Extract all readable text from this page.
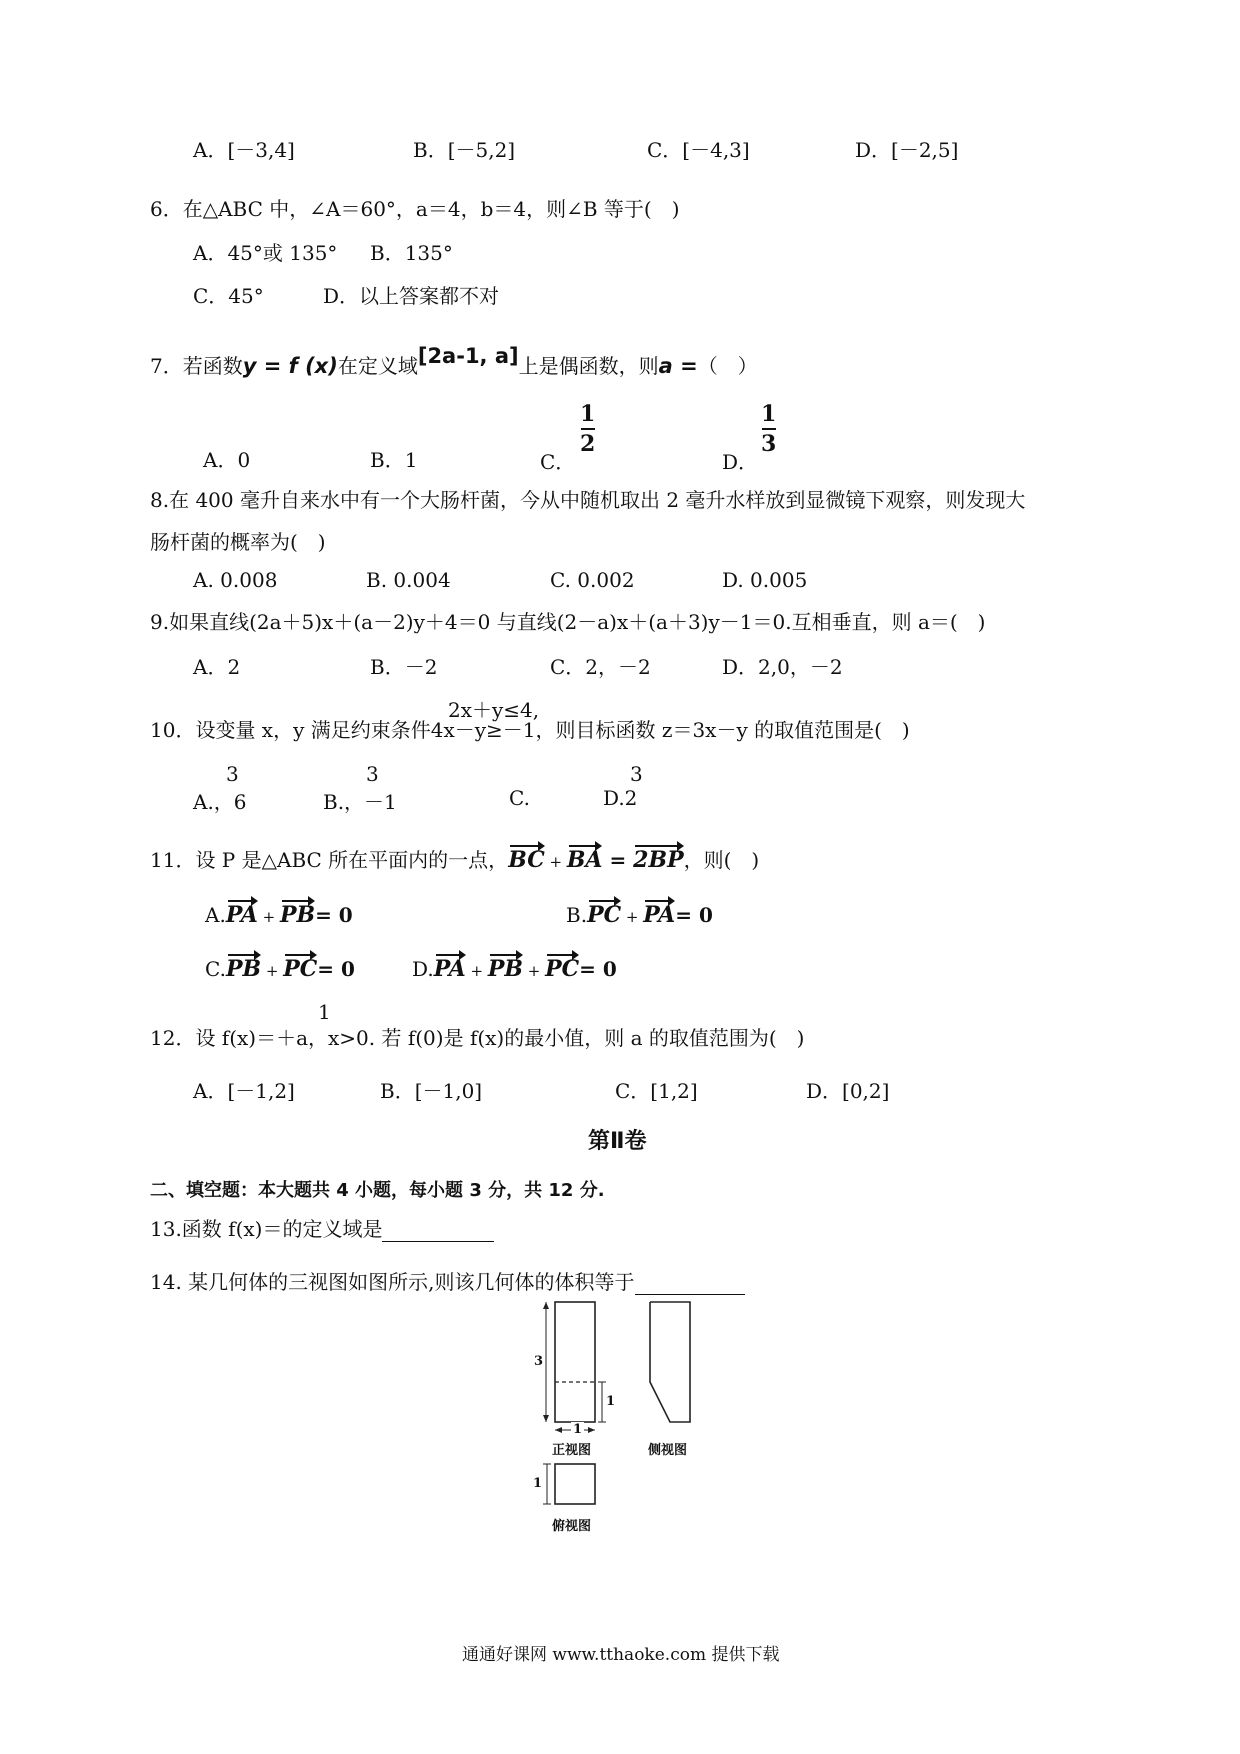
A．[－3,4]	B．[－5,2]	C．[－4,3]	D．[－2,5]
6．在△ABC 中，∠A＝60°，a＝4，b＝4，则∠B 等于(　)
A．45°或 135° B．135°
C．45°	D．以上答案都不对
7．若函数y = f (x)在定义域[2a-1, a]上是偶函数，则a =（　）
A．0	B．1	C．
$\frac{1}{2}$
D．
$\frac{1}{3}$
8.在 400 毫升自来水中有一个大肠杆菌，今从中随机取出 2 毫升水样放到显微镜下观察，则发现大
肠杆菌的概率为(　)
A. 0.008	B. 0.004	C. 0.002	D. 0.005
9.如果直线(2a＋5)x＋(a－2)y＋4＝0 与直线(2－a)x＋(a＋3)y－1＝0.互相垂直，则 a＝(　)
A．2	B．－2	C．2，－2	D．2,0，－2
2x＋y≤4,
10．设变量 x，y 满足约束条件4x－y≥－1，则目标函数 z＝3x－y 的取值范围是(　)
3
A.，6
3
B.，－1	C.
3
D.2
11．设 P 是△ABC 所在平面内的一点，BC + BA = 2BP，则(　)
A.PA + PB= 0	B.PC + PA= 0
C.PB + PC= 0	D.PA + PB + PC= 0
1
12．设 f(x)＝＋a，x>0. 若 f(0)是 f(x)的最小值，则 a 的取值范围为(　)
A．[－1,2]	B．[－1,0]	C．[1,2]	D．[0,2]
第Ⅱ卷
二、填空题：本大题共 4 小题，每小题 3 分，共 12 分.
13.函数 f(x)＝的定义域是
14. 某几何体的三视图如图所示,则该几何体的体积等于
3
1
1
1
正视图	侧视图
俯视图
通通好课网 www.tthaoke.com 提供下载
